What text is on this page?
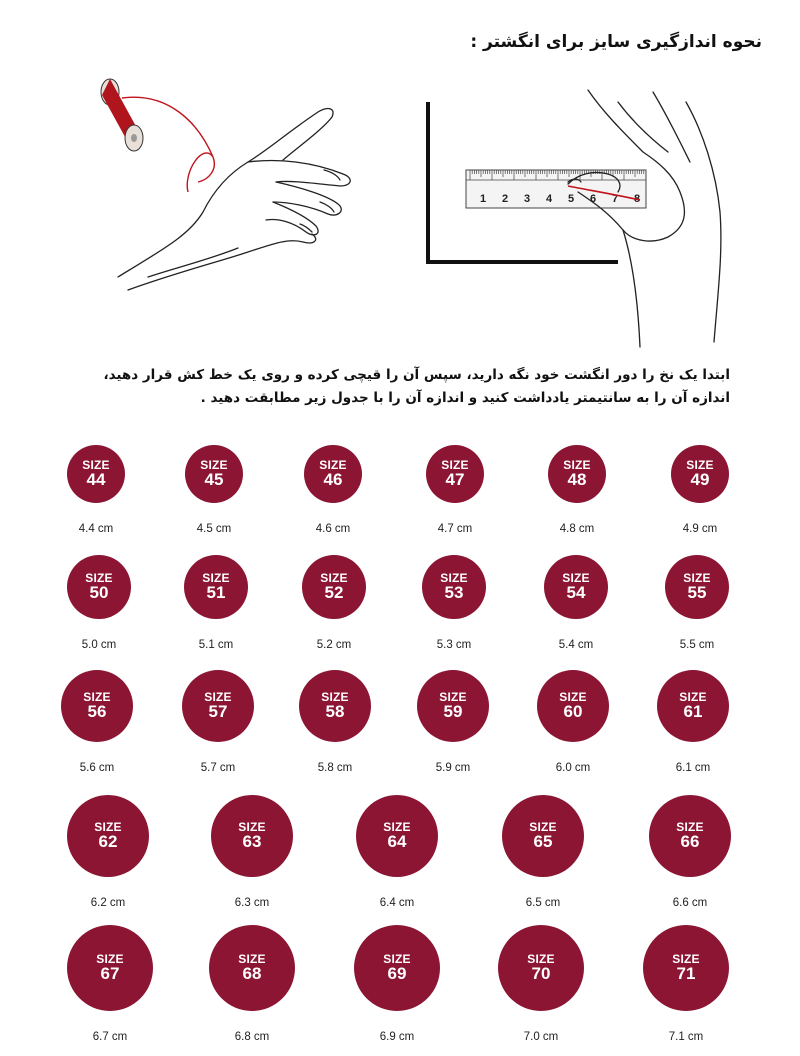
نحوه اندازگیری سایز برای انگشتر :
1 2 3 4 5 6 7 8
ابتدا یک نخ را دور انگشت خود نگه دارید، سپس آن را قیچی کرده و روی یک خط کش قرار دهید، اندازه آن را به سانتیمتر یادداشت کنید و اندازه آن را با جدول زیر مطابقت دهید .
SIZE
44
4.4 cm
SIZE
45
4.5 cm
SIZE
46
4.6 cm
SIZE
47
4.7 cm
SIZE
48
4.8 cm
SIZE
49
4.9 cm
SIZE
50
5.0 cm
SIZE
51
5.1 cm
SIZE
52
5.2 cm
SIZE
53
5.3 cm
SIZE
54
5.4 cm
SIZE
55
5.5 cm
SIZE
56
5.6 cm
SIZE
57
5.7 cm
SIZE
58
5.8 cm
SIZE
59
5.9 cm
SIZE
60
6.0 cm
SIZE
61
6.1 cm
SIZE
62
6.2 cm
SIZE
63
6.3 cm
SIZE
64
6.4 cm
SIZE
65
6.5 cm
SIZE
66
6.6 cm
SIZE
67
6.7 cm
SIZE
68
6.8 cm
SIZE
69
6.9 cm
SIZE
70
7.0 cm
SIZE
71
7.1 cm
